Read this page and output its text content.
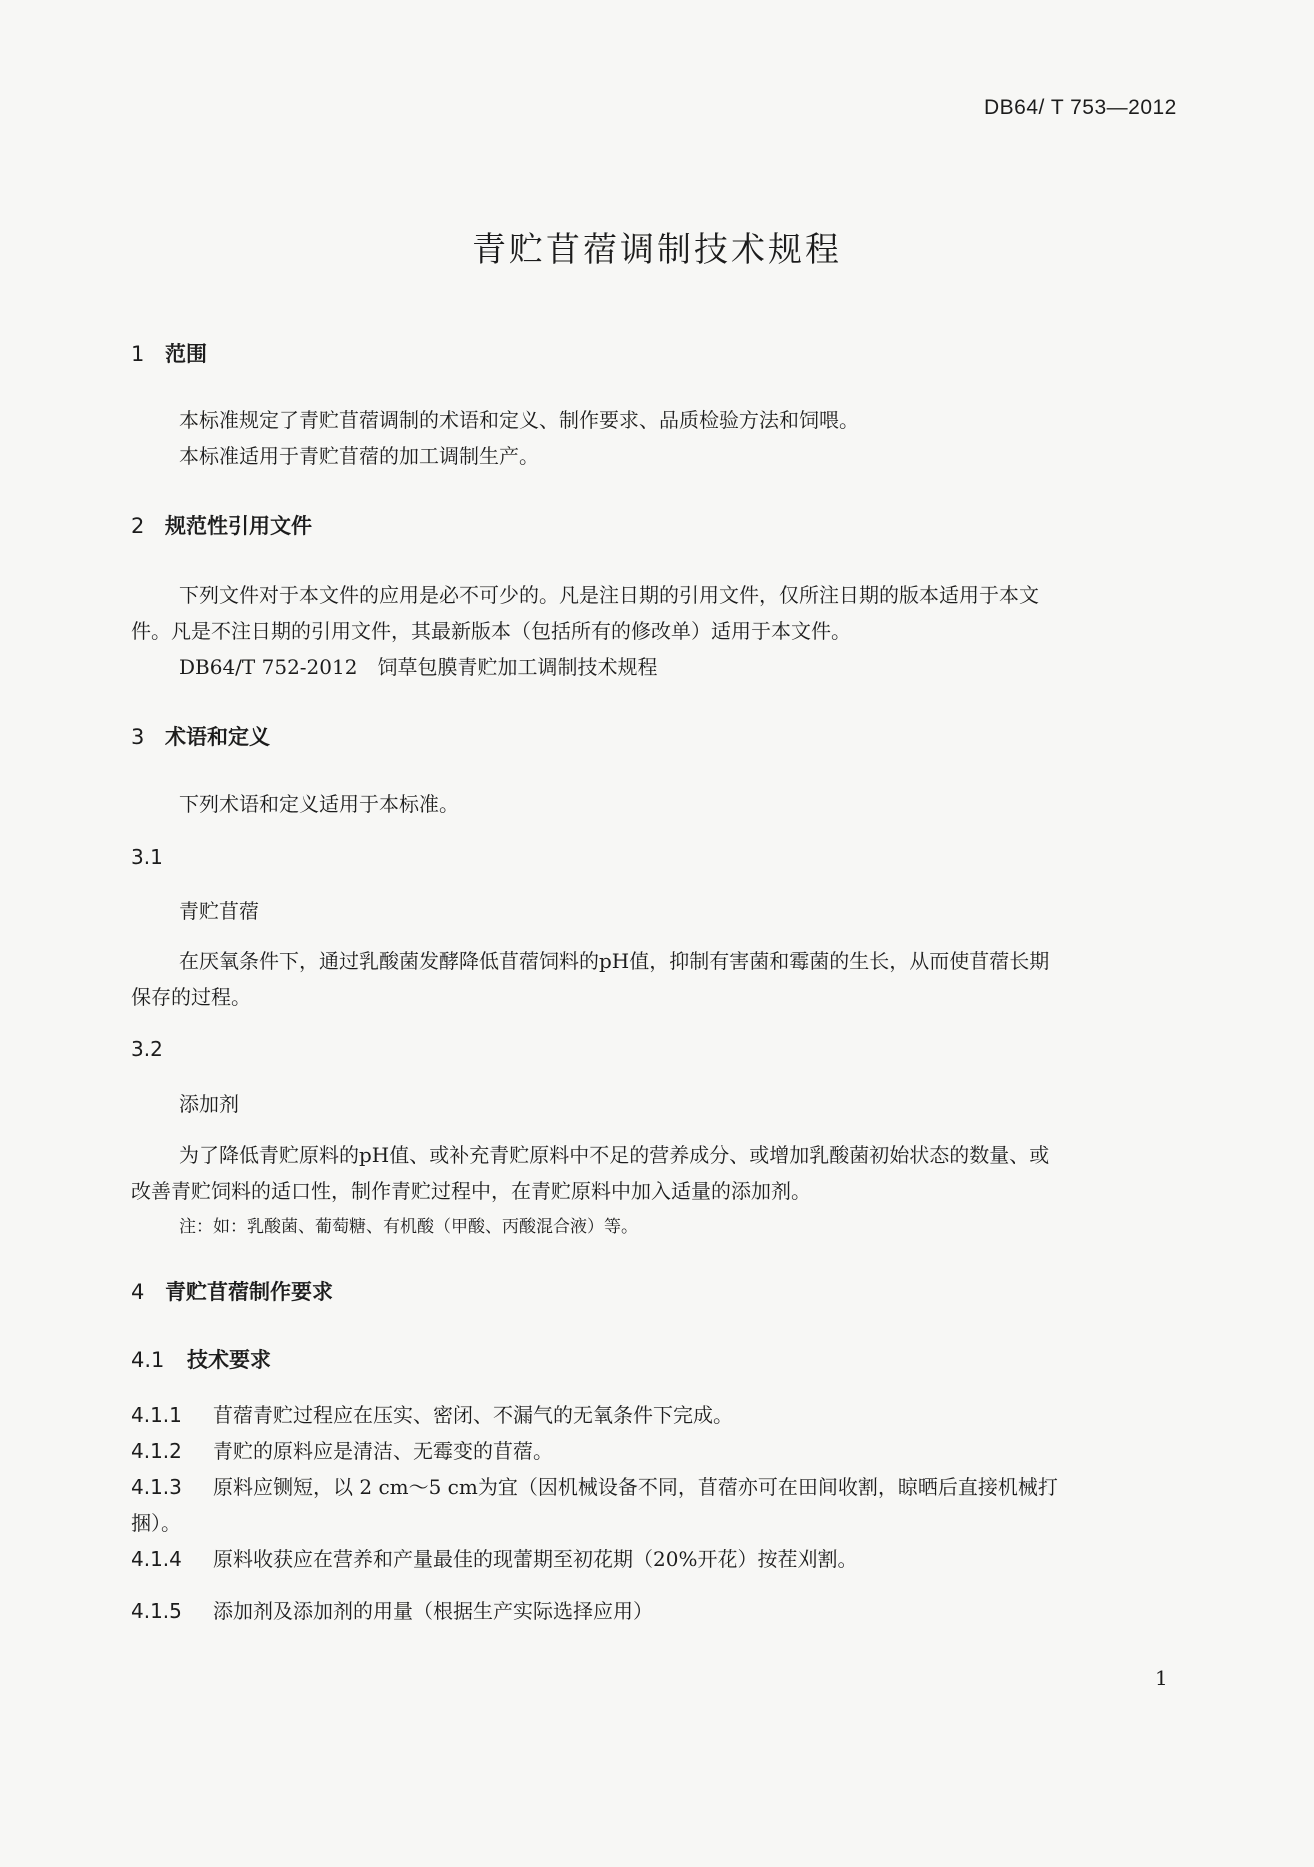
DB64/ T 753—2012
青贮苜蓿调制技术规程
1 范围
本标准规定了青贮苜蓿调制的术语和定义、制作要求、品质检验方法和饲喂。
本标准适用于青贮苜蓿的加工调制生产。
2 规范性引用文件
下列文件对于本文件的应用是必不可少的。凡是注日期的引用文件，仅所注日期的版本适用于本文
件。凡是不注日期的引用文件，其最新版本（包括所有的修改单）适用于本文件。
DB64/T 752-2012　饲草包膜青贮加工调制技术规程
3 术语和定义
下列术语和定义适用于本标准。
3.1
青贮苜蓿
在厌氧条件下，通过乳酸菌发酵降低苜蓿饲料的pH值，抑制有害菌和霉菌的生长，从而使苜蓿长期
保存的过程。
3.2
添加剂
为了降低青贮原料的pH值、或补充青贮原料中不足的营养成分、或增加乳酸菌初始状态的数量、或
改善青贮饲料的适口性，制作青贮过程中，在青贮原料中加入适量的添加剂。
注：如：乳酸菌、葡萄糖、有机酸（甲酸、丙酸混合液）等。
4 青贮苜蓿制作要求
4.1 技术要求
4.1.1 苜蓿青贮过程应在压实、密闭、不漏气的无氧条件下完成。
4.1.2 青贮的原料应是清洁、无霉变的苜蓿。
4.1.3 原料应铡短，以 2 cm～5 cm为宜（因机械设备不同，苜蓿亦可在田间收割，晾晒后直接机械打
捆）。
4.1.4 原料收获应在营养和产量最佳的现蕾期至初花期（20%开花）按茬刈割。
4.1.5 添加剂及添加剂的用量（根据生产实际选择应用）
1
